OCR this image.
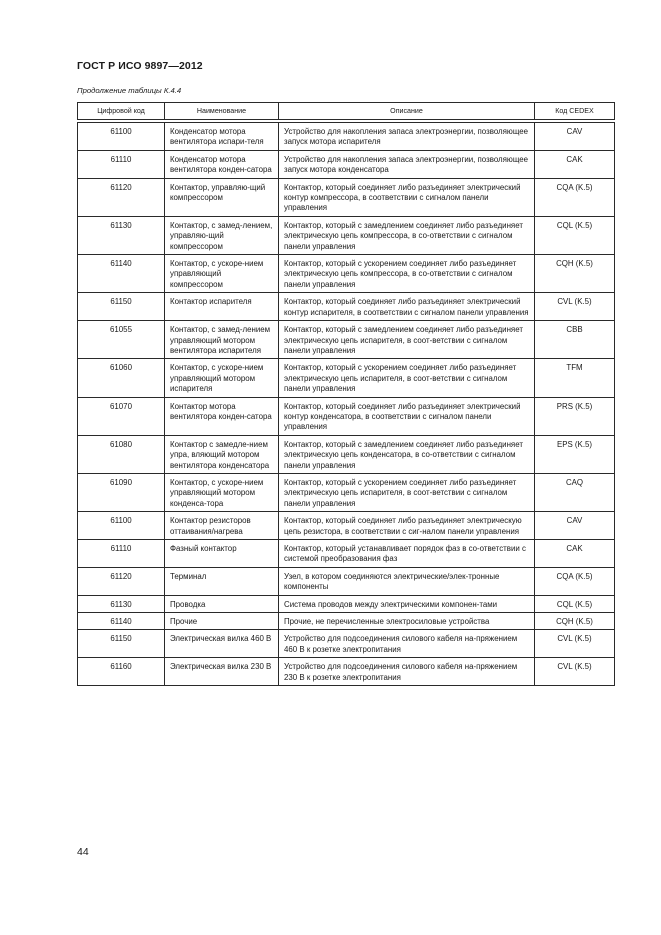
ГОСТ Р ИСО 9897—2012
Продолжение таблицы К.4.4
Цифровой код	Наименование	Описание	Код CEDEX

61100	Конденсатор мотора вентилятора испари-теля	Устройство для накопления запаса электроэнергии, позволяющее запуск мотора испарителя	CAV
61110	Конденсатор мотора вентилятора конден-сатора	Устройство для накопления запаса электроэнергии, позволяющее запуск мотора конденсатора	CAK
61120	Контактор, управляю-щий компрессором	Контактор, который соединяет либо разъединяет электрический контур компрессора, в соответствии с сигналом панели управления	CQA (K.5)
61130	Контактор, с замед-лением, управляю-щий компрессором	Контактор, который с замедлением соединяет либо разъединяет электрическую цепь компрессора, в со-ответствии с сигналом панели управления	CQL (K.5)
61140	Контактор, с ускоре-нием управляющий компрессором	Контактор, который с ускорением соединяет либо разъединяет электрическую цепь компрессора, в со-ответствии с сигналом панели управления	CQH (K.5)
61150	Контактор испарителя	Контактор, который соединяет либо разъединяет электрический контур испарителя, в соответствии с сигналом панели управления	CVL (K.5)
61055	Контактор, с замед-лением управляющий мотором вентилятора испарителя	Контактор, который с замедлением соединяет либо разъединяет электрическую цепь испарителя, в соот-ветствии с сигналом панели управления	CBB
61060	Контактор, с ускоре-нием управляющий мотором испарителя	Контактор, который с ускорением соединяет либо разъединяет электрическую цепь испарителя, в соот-ветствии с сигналом панели управления	TFM
61070	Контактор мотора вентилятора конден-сатора	Контактор, который соединяет либо разъединяет электрический контур конденсатора, в соответствии с сигналом панели управления	PRS (K.5)
61080	Контактор с замедле-нием упра, вляющий мотором вентилятора конденсатора	Контактор, который с замедлением соединяет либо разъединяет электрическую цепь конденсатора, в со-ответствии с сигналом панели управления	EPS (K.5)
61090	Контактор, с ускоре-нием управляющий мотором конденса-тора	Контактор, который с ускорением соединяет либо разъединяет электрическую цепь испарителя, в соот-ветствии с сигналом панели управления	CAQ
61100	Контактор резисторов оттаивания/нагрева	Контактор, который соединяет либо разъединяет электрическую цепь резистора, в соответствии с сиг-налом панели управления	CAV
61110	Фазный контактор	Контактор, который устанавливает порядок фаз в со-ответствии с системой преобразования фаз	CAK
61120	Терминал	Узел, в котором соединяются электрические/элек-тронные компоненты	CQA (K.5)
61130	Проводка	Система проводов между электрическими компонен-тами	CQL (K.5)
61140	Прочие	Прочие, не перечисленные электросиловые устройства	CQH (K.5)
61150	Электрическая вилка 460 В	Устройство для подсоединения силового кабеля на-пряжением 460 В к розетке электропитания	CVL (K.5)
61160	Электрическая вилка 230 В	Устройство для подсоединения силового кабеля на-пряжением 230 В к розетке электропитания	CVL (K.5)
44
